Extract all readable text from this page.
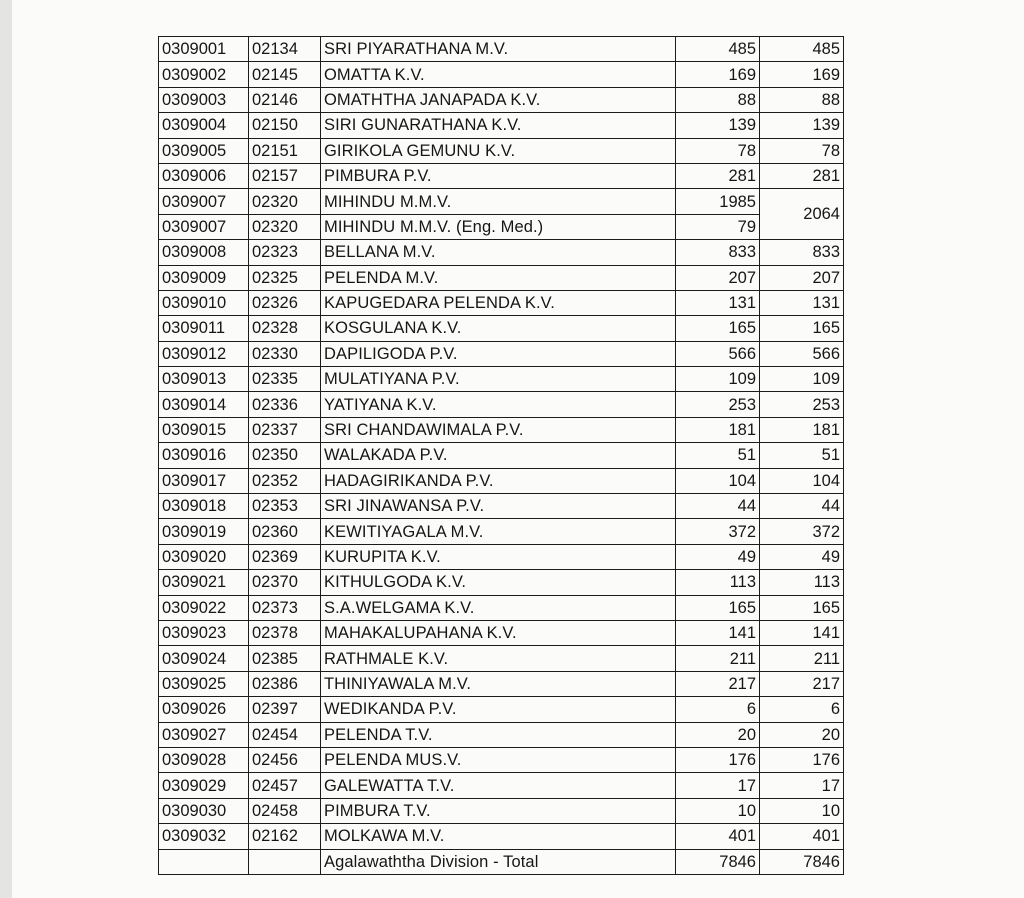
0309001	02134	SRI PIYARATHANA M.V.	485	485
0309002	02145	OMATTA K.V.	169	169
0309003	02146	OMATHTHA JANAPADA K.V.	88	88
0309004	02150	SIRI GUNARATHANA K.V.	139	139
0309005	02151	GIRIKOLA GEMUNU K.V.	78	78
0309006	02157	PIMBURA P.V.	281	281
0309007	02320	MIHINDU M.M.V.	1985	2064
0309007	02320	MIHINDU M.M.V. (Eng. Med.)	79	
0309008	02323	BELLANA M.V.	833	833
0309009	02325	PELENDA M.V.	207	207
0309010	02326	KAPUGEDARA PELENDA K.V.	131	131
0309011	02328	KOSGULANA K.V.	165	165
0309012	02330	DAPILIGODA P.V.	566	566
0309013	02335	MULATIYANA P.V.	109	109
0309014	02336	YATIYANA K.V.	253	253
0309015	02337	SRI CHANDAWIMALA P.V.	181	181
0309016	02350	WALAKADA P.V.	51	51
0309017	02352	HADAGIRIKANDA P.V.	104	104
0309018	02353	SRI JINAWANSA P.V.	44	44
0309019	02360	KEWITIYAGALA M.V.	372	372
0309020	02369	KURUPITA K.V.	49	49
0309021	02370	KITHULGODA K.V.	113	113
0309022	02373	S.A.WELGAMA K.V.	165	165
0309023	02378	MAHAKALUPAHANA K.V.	141	141
0309024	02385	RATHMALE K.V.	211	211
0309025	02386	THINIYAWALA M.V.	217	217
0309026	02397	WEDIKANDA P.V.	6	6
0309027	02454	PELENDA T.V.	20	20
0309028	02456	PELENDA MUS.V.	176	176
0309029	02457	GALEWATTA T.V.	17	17
0309030	02458	PIMBURA T.V.	10	10
0309032	02162	MOLKAWA M.V.	401	401
		Agalawaththa Division - Total	7846	7846
